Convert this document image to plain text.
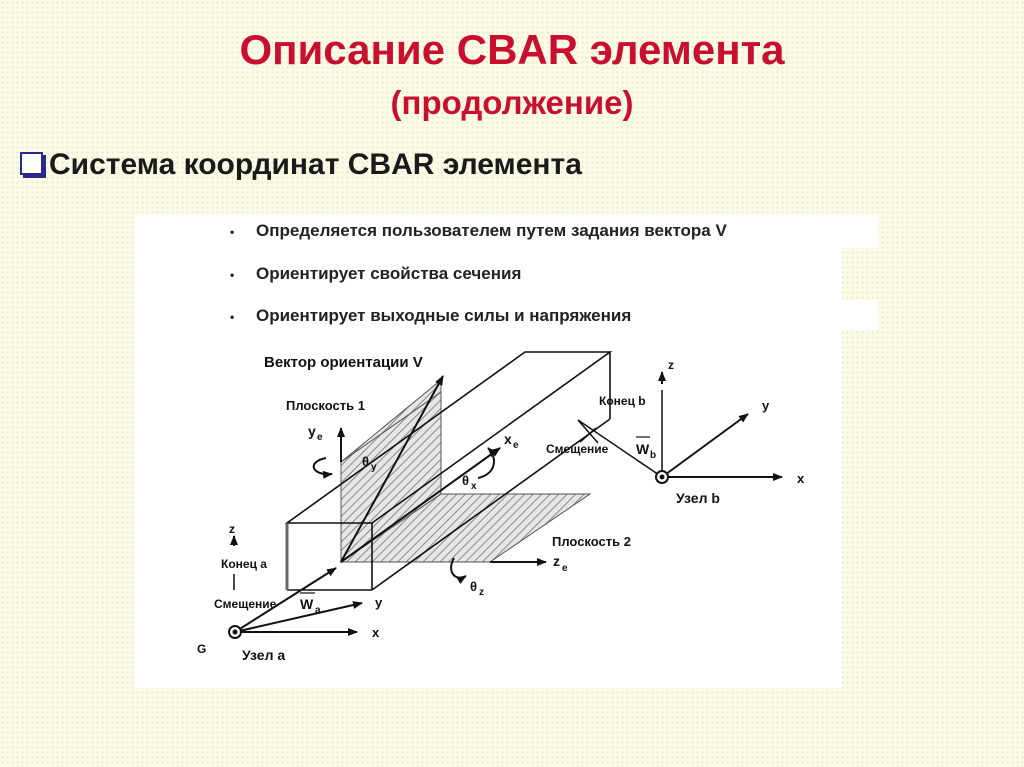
Описание CBAR элемента
(продолжение)
Система координат CBAR элемента
• Определяется пользователем путем задания вектора V
• Ориентирует свойства сечения
• Ориентирует выходные силы и напряжения
Вектор ориентации V
Плоскость 1
Плоскость 2
Конец b
Смещение W b
Узел b
z
y
x
z
Конец a
Смещение W a
y
x
G	Узел a
y e	x e
z e
θ y
θ x
θ z
